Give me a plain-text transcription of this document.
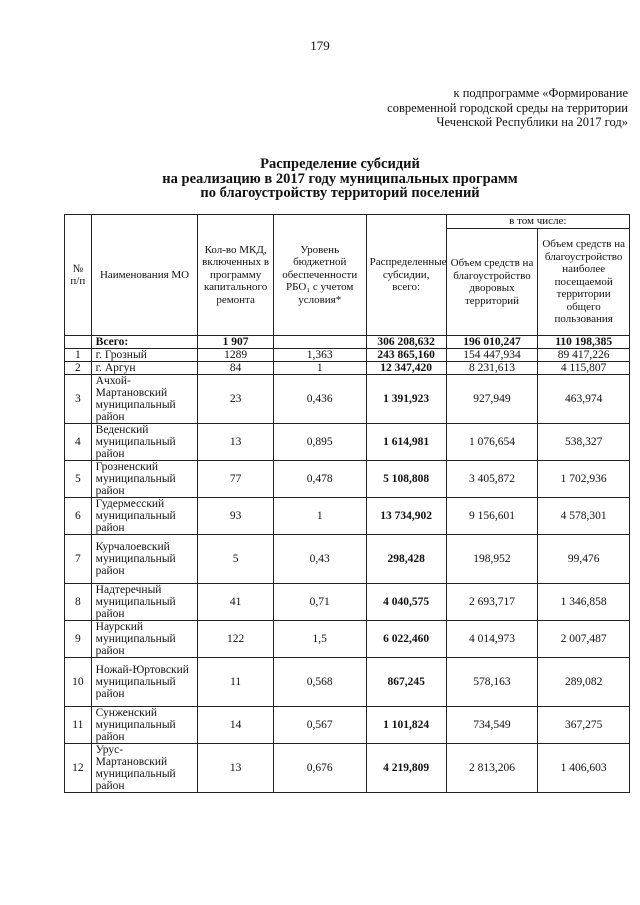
179
к подпрограмме «Формирование
современной городской среды на территории
Чеченской Республики на 2017 год»
Распределение субсидий
на реализацию в 2017 году муниципальных программ
по благоустройству территорий поселений
№ п/п	Наименования МО	Кол-во МКД, включенных в программу капитального ремонта	Уровень бюджетной обеспеченности РБО₁ с учетом условия*	Распределенные субсидии, всего:	в том числе:	
					Объем средств на благоустройство дворовых территорий	Объем средств на благоустройство наиболее посещаемой территории общего пользования
	Всего:	1 907		306 208,632	196 010,247	110 198,385
1	г. Грозный	1289	1,363	243 865,160	154 447,934	89 417,226
2	г. Аргун	84	1	12 347,420	8 231,613	4 115,807
3	Ачхой-Мартановский муниципальный район	23	0,436	1 391,923	927,949	463,974
4	Веденский муниципальный район	13	0,895	1 614,981	1 076,654	538,327
5	Грозненский муниципальный район	77	0,478	5 108,808	3 405,872	1 702,936
6	Гудермесский муниципальный район	93	1	13 734,902	9 156,601	4 578,301
7	Курчалоевский муниципальный район	5	0,43	298,428	198,952	99,476
8	Надтеречный муниципальный район	41	0,71	4 040,575	2 693,717	1 346,858
9	Наурский муниципальный район	122	1,5	6 022,460	4 014,973	2 007,487
10	Ножай-Юртовский муниципальный район	11	0,568	867,245	578,163	289,082
11	Сунженский муниципальный район	14	0,567	1 101,824	734,549	367,275
12	Урус-Мартановский муниципальный район	13	0,676	4 219,809	2 813,206	1 406,603
